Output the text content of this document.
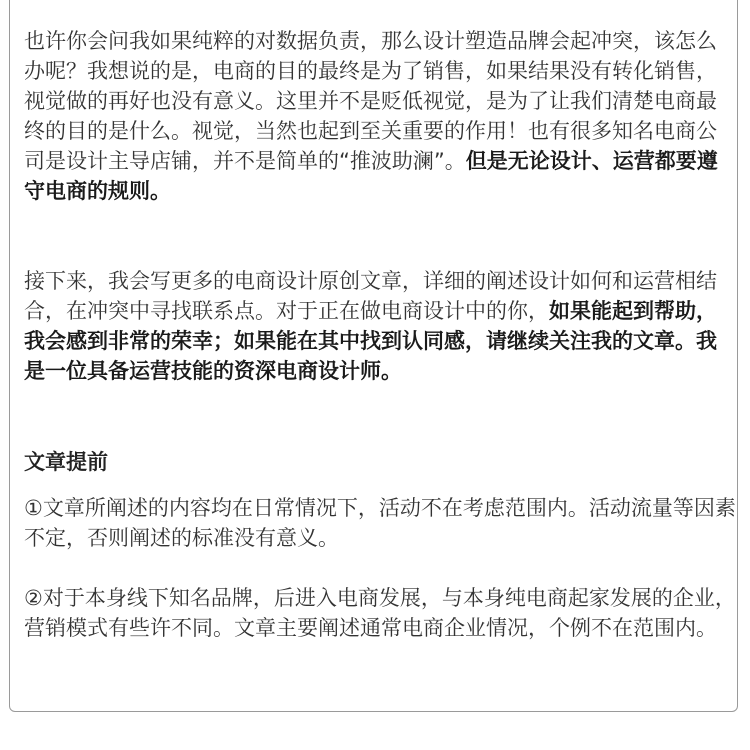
也许你会问我如果纯粹的对数据负责，那么设计塑造品牌会起冲突，该怎么办呢？我想说的是，电商的目的最终是为了销售，如果结果没有转化销售，视觉做的再好也没有意义。这里并不是贬低视觉，是为了让我们清楚电商最终的目的是什么。视觉，当然也起到至关重要的作用！也有很多知名电商公司是设计主导店铺，并不是简单的“推波助澜”。但是无论设计、运营都要遵守电商的规则。

接下来，我会写更多的电商设计原创文章，详细的阐述设计如何和运营相结合，在冲突中寻找联系点。对于正在做电商设计中的你，如果能起到帮助，我会感到非常的荣幸；如果能在其中找到认同感，请继续关注我的文章。我是一位具备运营技能的资深电商设计师。

文章提前

①文章所阐述的内容均在日常情况下，活动不在考虑范围内。活动流量等因素不定，否则阐述的标准没有意义。

②对于本身线下知名品牌，后进入电商发展，与本身纯电商起家发展的企业，营销模式有些许不同。文章主要阐述通常电商企业情况，个例不在范围内。
